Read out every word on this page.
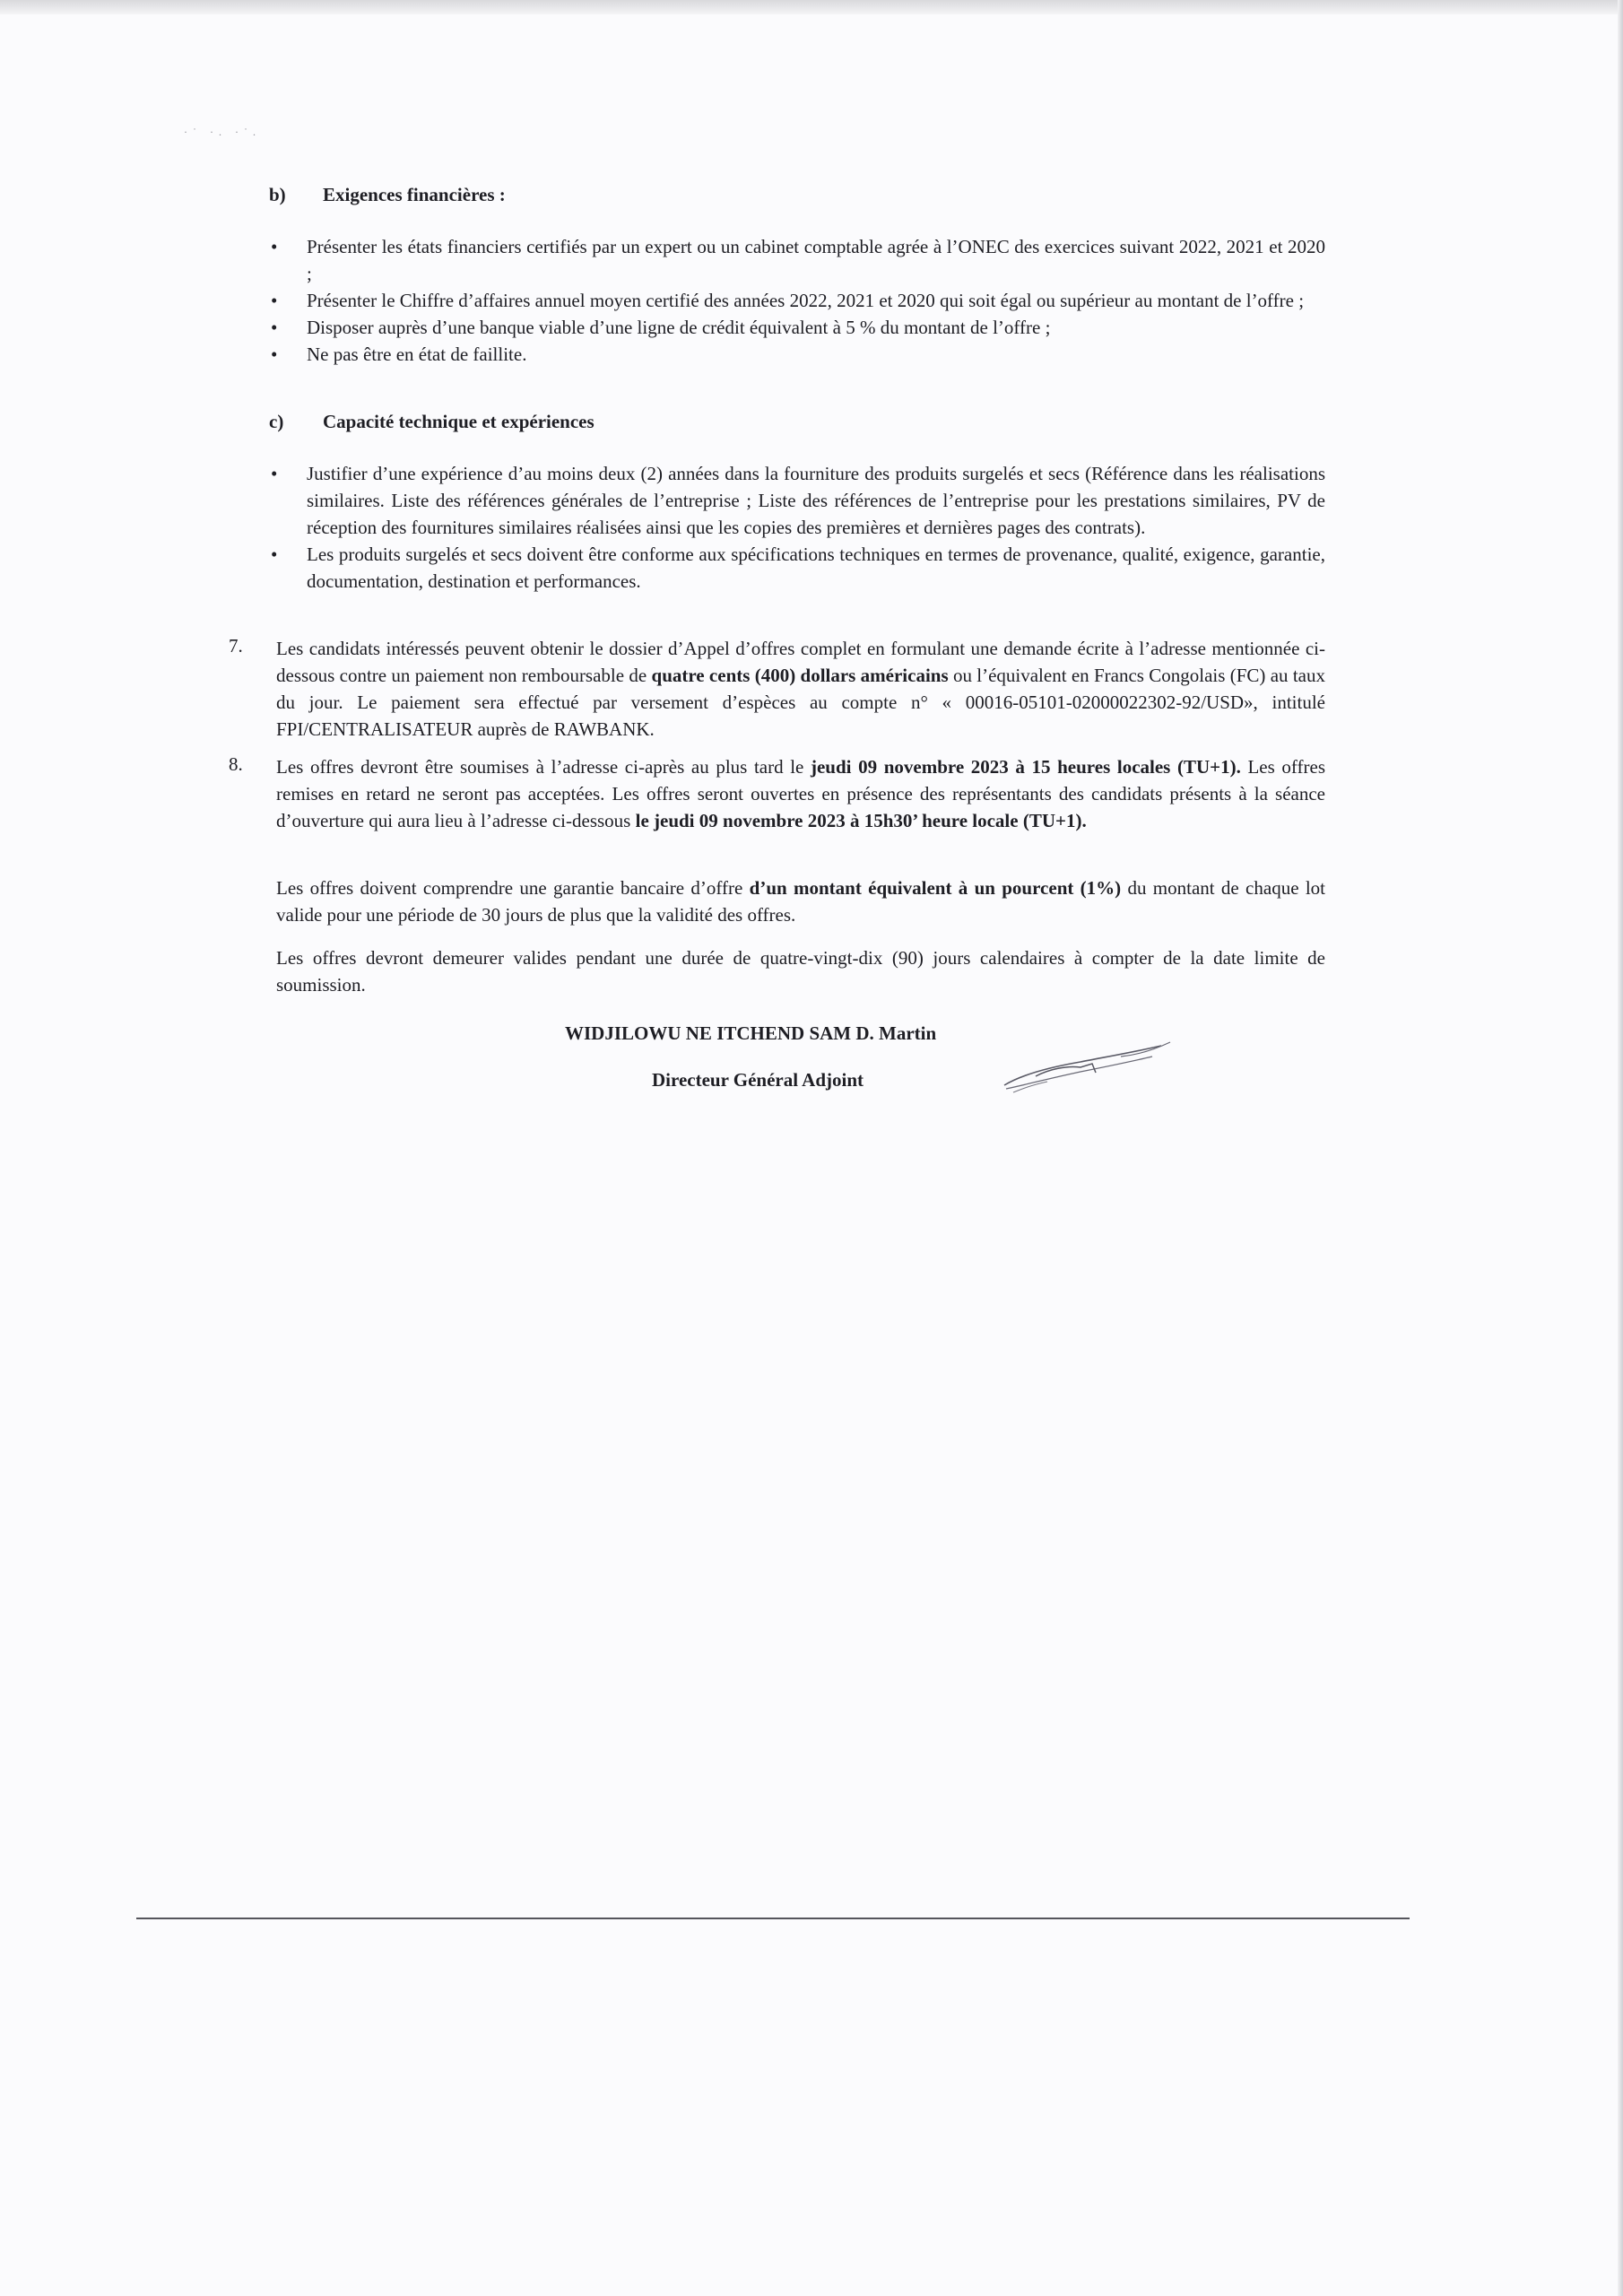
·˙ ·. ·˙.
b) Exigences financières :
• Présenter les états financiers certifiés par un expert ou un cabinet comptable agrée à l’ONEC des exercices suivant 2022, 2021 et 2020 ;
• Présenter le Chiffre d’affaires annuel moyen certifié des années 2022, 2021 et 2020 qui soit égal ou supérieur au montant de l’offre ;
• Disposer auprès d’une banque viable d’une ligne de crédit équivalent à 5 % du montant de l’offre ;
• Ne pas être en état de faillite.
c) Capacité technique et expériences
• Justifier d’une expérience d’au moins deux (2) années dans la fourniture des produits surgelés et secs (Référence dans les réalisations similaires. Liste des références générales de l’entreprise ; Liste des références de l’entreprise pour les prestations similaires, PV de réception des fournitures similaires réalisées ainsi que les copies des premières et dernières pages des contrats).
• Les produits surgelés et secs doivent être conforme aux spécifications techniques en termes de provenance, qualité, exigence, garantie, documentation, destination et performances.
Les candidats intéressés peuvent obtenir le dossier d’Appel d’offres complet en formulant une demande écrite à l’adresse mentionnée ci-dessous contre un paiement non remboursable de quatre cents (400) dollars américains ou l’équivalent en Francs Congolais (FC) au taux du jour. Le paiement sera effectué par versement d’espèces au compte n° « 00016-05101-02000022302-92/USD», intitulé FPI/CENTRALISATEUR auprès de RAWBANK.
Les offres devront être soumises à l’adresse ci-après au plus tard le jeudi 09 novembre 2023 à 15 heures locales (TU+1). Les offres remises en retard ne seront pas acceptées. Les offres seront ouvertes en présence des représentants des candidats présents à la séance d’ouverture qui aura lieu à l’adresse ci-dessous le jeudi 09 novembre 2023 à 15h30’ heure locale (TU+1).
Les offres doivent comprendre une garantie bancaire d’offre d’un montant équivalent à un pourcent (1%) du montant de chaque lot valide pour une période de 30 jours de plus que la validité des offres.
Les offres devront demeurer valides pendant une durée de quatre-vingt-dix (90) jours calendaires à compter de la date limite de soumission.
7.
8.
WIDJILOWU NE ITCHEND SAM D. Martin
Directeur Général Adjoint
